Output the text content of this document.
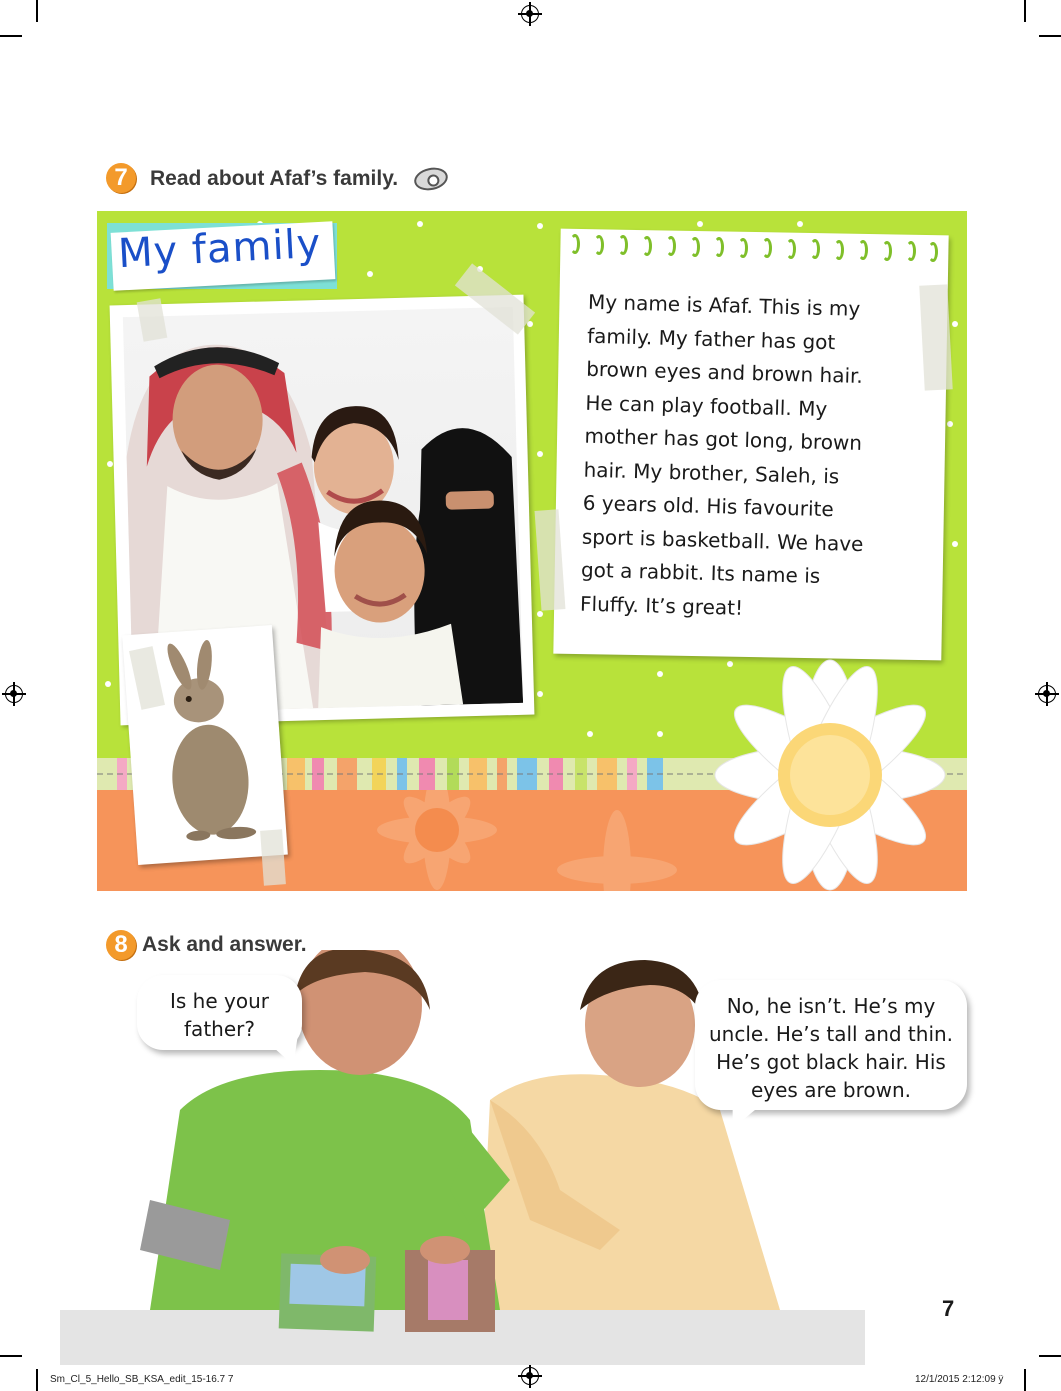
7	Read about Afaf’s family.
My family
My name is Afaf. This is my
family. My father has got
brown eyes and brown hair.
He can play football. My
mother has got long, brown
hair. My brother, Saleh, is
6 years old. His favourite
sport is basketball. We have
got a rabbit. Its name is
Fluffy. It’s great!
8 Ask and answer.
Is he your
father?
No, he isn’t. He’s my
uncle. He’s tall and thin.
He’s got black hair. His
eyes are brown.
7
Sm_Cl_5_Hello_SB_KSA_edit_15-16.7 7	12/1/2015 2:12:09 ÿ
